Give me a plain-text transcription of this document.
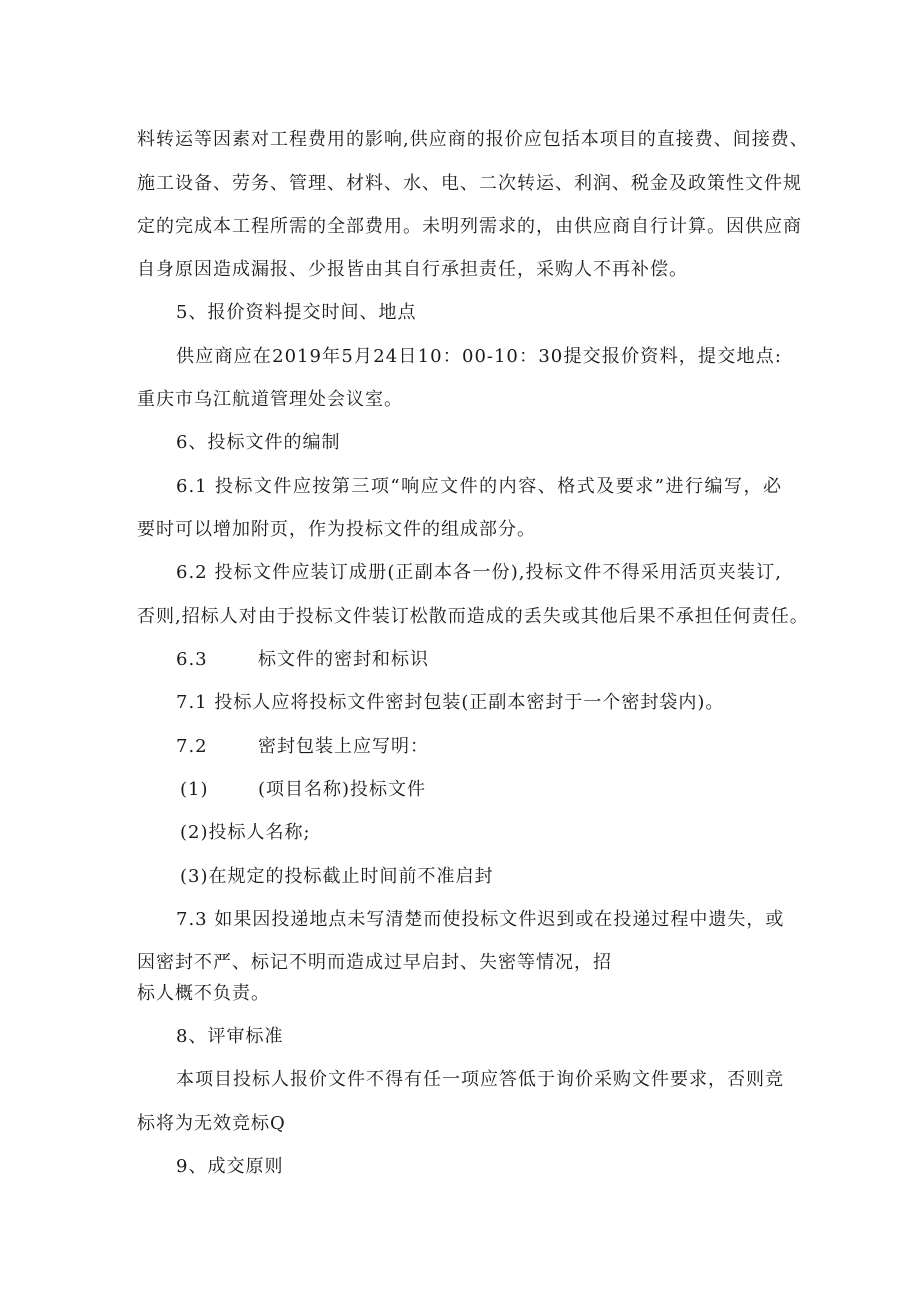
料转运等因素对工程费用的影响,供应商的报价应包括本项目的直接费、间接费、

施工设备、劳务、管理、材料、水、电、二次转运、利润、税金及政策性文件规

定的完成本工程所需的全部费用。未明列需求的，由供应商自行计算。因供应商

自身原因造成漏报、少报皆由其自行承担责任，采购人不再补偿。

5、报价资料提交时间、地点

供应商应在2019年5月24日10：00-10：30提交报价资料，提交地点:

重庆市乌江航道管理处会议室。

6、投标文件的编制

6.1 投标文件应按第三项“响应文件的内容、格式及要求”进行编写，必

要时可以增加附页，作为投标文件的组成部分。

6.2 投标文件应装订成册(正副本各一份),投标文件不得采用活页夹装订,

否则,招标人对由于投标文件装订松散而造成的丢失或其他后果不承担任何责任。

6.3	标文件的密封和标识

7.1 投标人应将投标文件密封包装(正副本密封于一个密封袋内)。

7.2	密封包装上应写明：

(1)	(项目名称)投标文件

(2)投标人名称;

(3)在规定的投标截止时间前不准启封

7.3 如果因投递地点未写清楚而使投标文件迟到或在投递过程中遗失，或

因密封不严、标记不明而造成过早启封、失密等情况，招

标人概不负责。

8、评审标准

本项目投标人报价文件不得有任一项应答低于询价采购文件要求，否则竞

标将为无效竞标Q

9、成交原则
